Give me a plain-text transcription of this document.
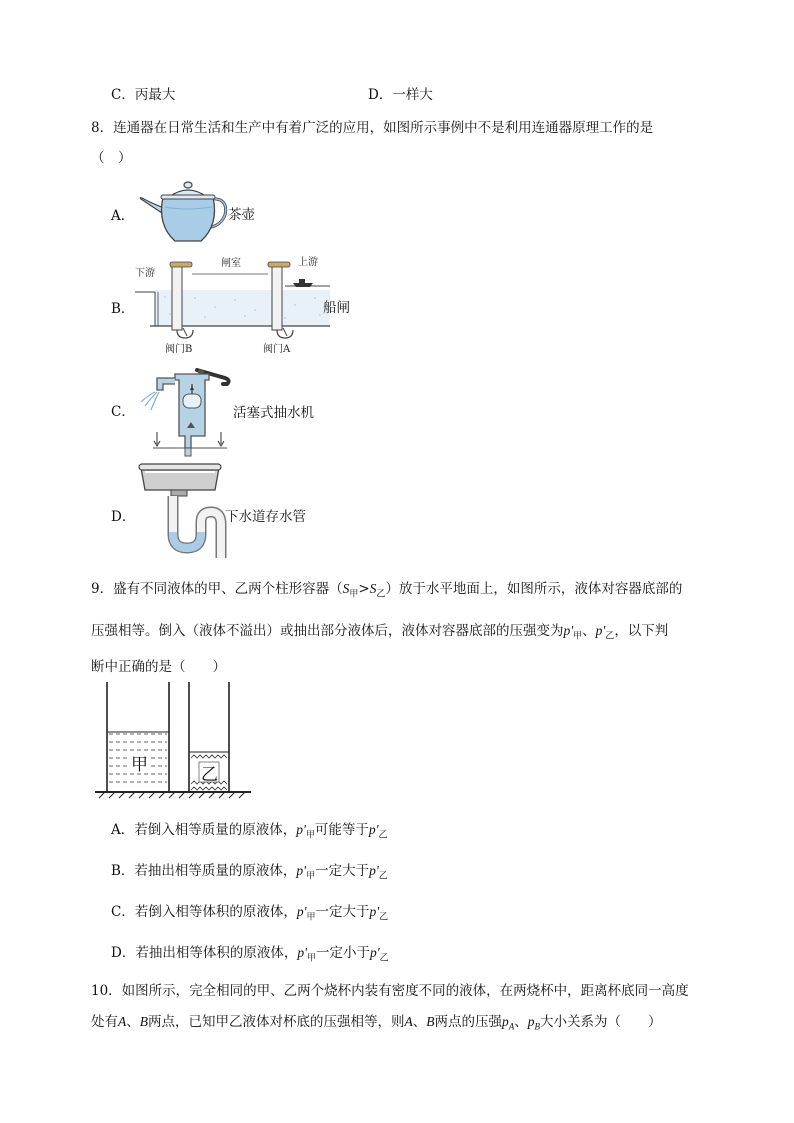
C．丙最大	D．一样大
8．连通器在日常生活和生产中有着广泛的应用，如图所示事例中不是利用连通器原理工作的是
（　）
A．	茶壶
B．
下游
闸室	上游
阀门B	阀门A
船闸
C．	活塞式抽水机
D．	下水道存水管
9．盛有不同液体的甲、乙两个柱形容器$(S_甲>S_乙)$放于水平地面上，如图所示，液体对容器底部的
压强相等。倒入（液体不溢出）或抽出部分液体后，液体对容器底部的压强变为$p'_甲$、$p'_乙$，以下判
断中正确的是（　　）
甲	乙
A．若倒入相等质量的原液体，$p'_甲$可能等于$p'_乙$
B．若抽出相等质量的原液体，$p'_甲$一定大于$p'_乙$
C．若倒入相等体积的原液体，$p'_甲$一定大于$p'_乙$
D．若抽出相等体积的原液体，$p'_甲$一定小于$p'_乙$
10．如图所示，完全相同的甲、乙两个烧杯内装有密度不同的液体，在两烧杯中，距离杯底同一高度
处有A、B两点，已知甲乙液体对杯底的压强相等，则A、B两点的压强$p_A$、$p_B$大小关系为（　　）
